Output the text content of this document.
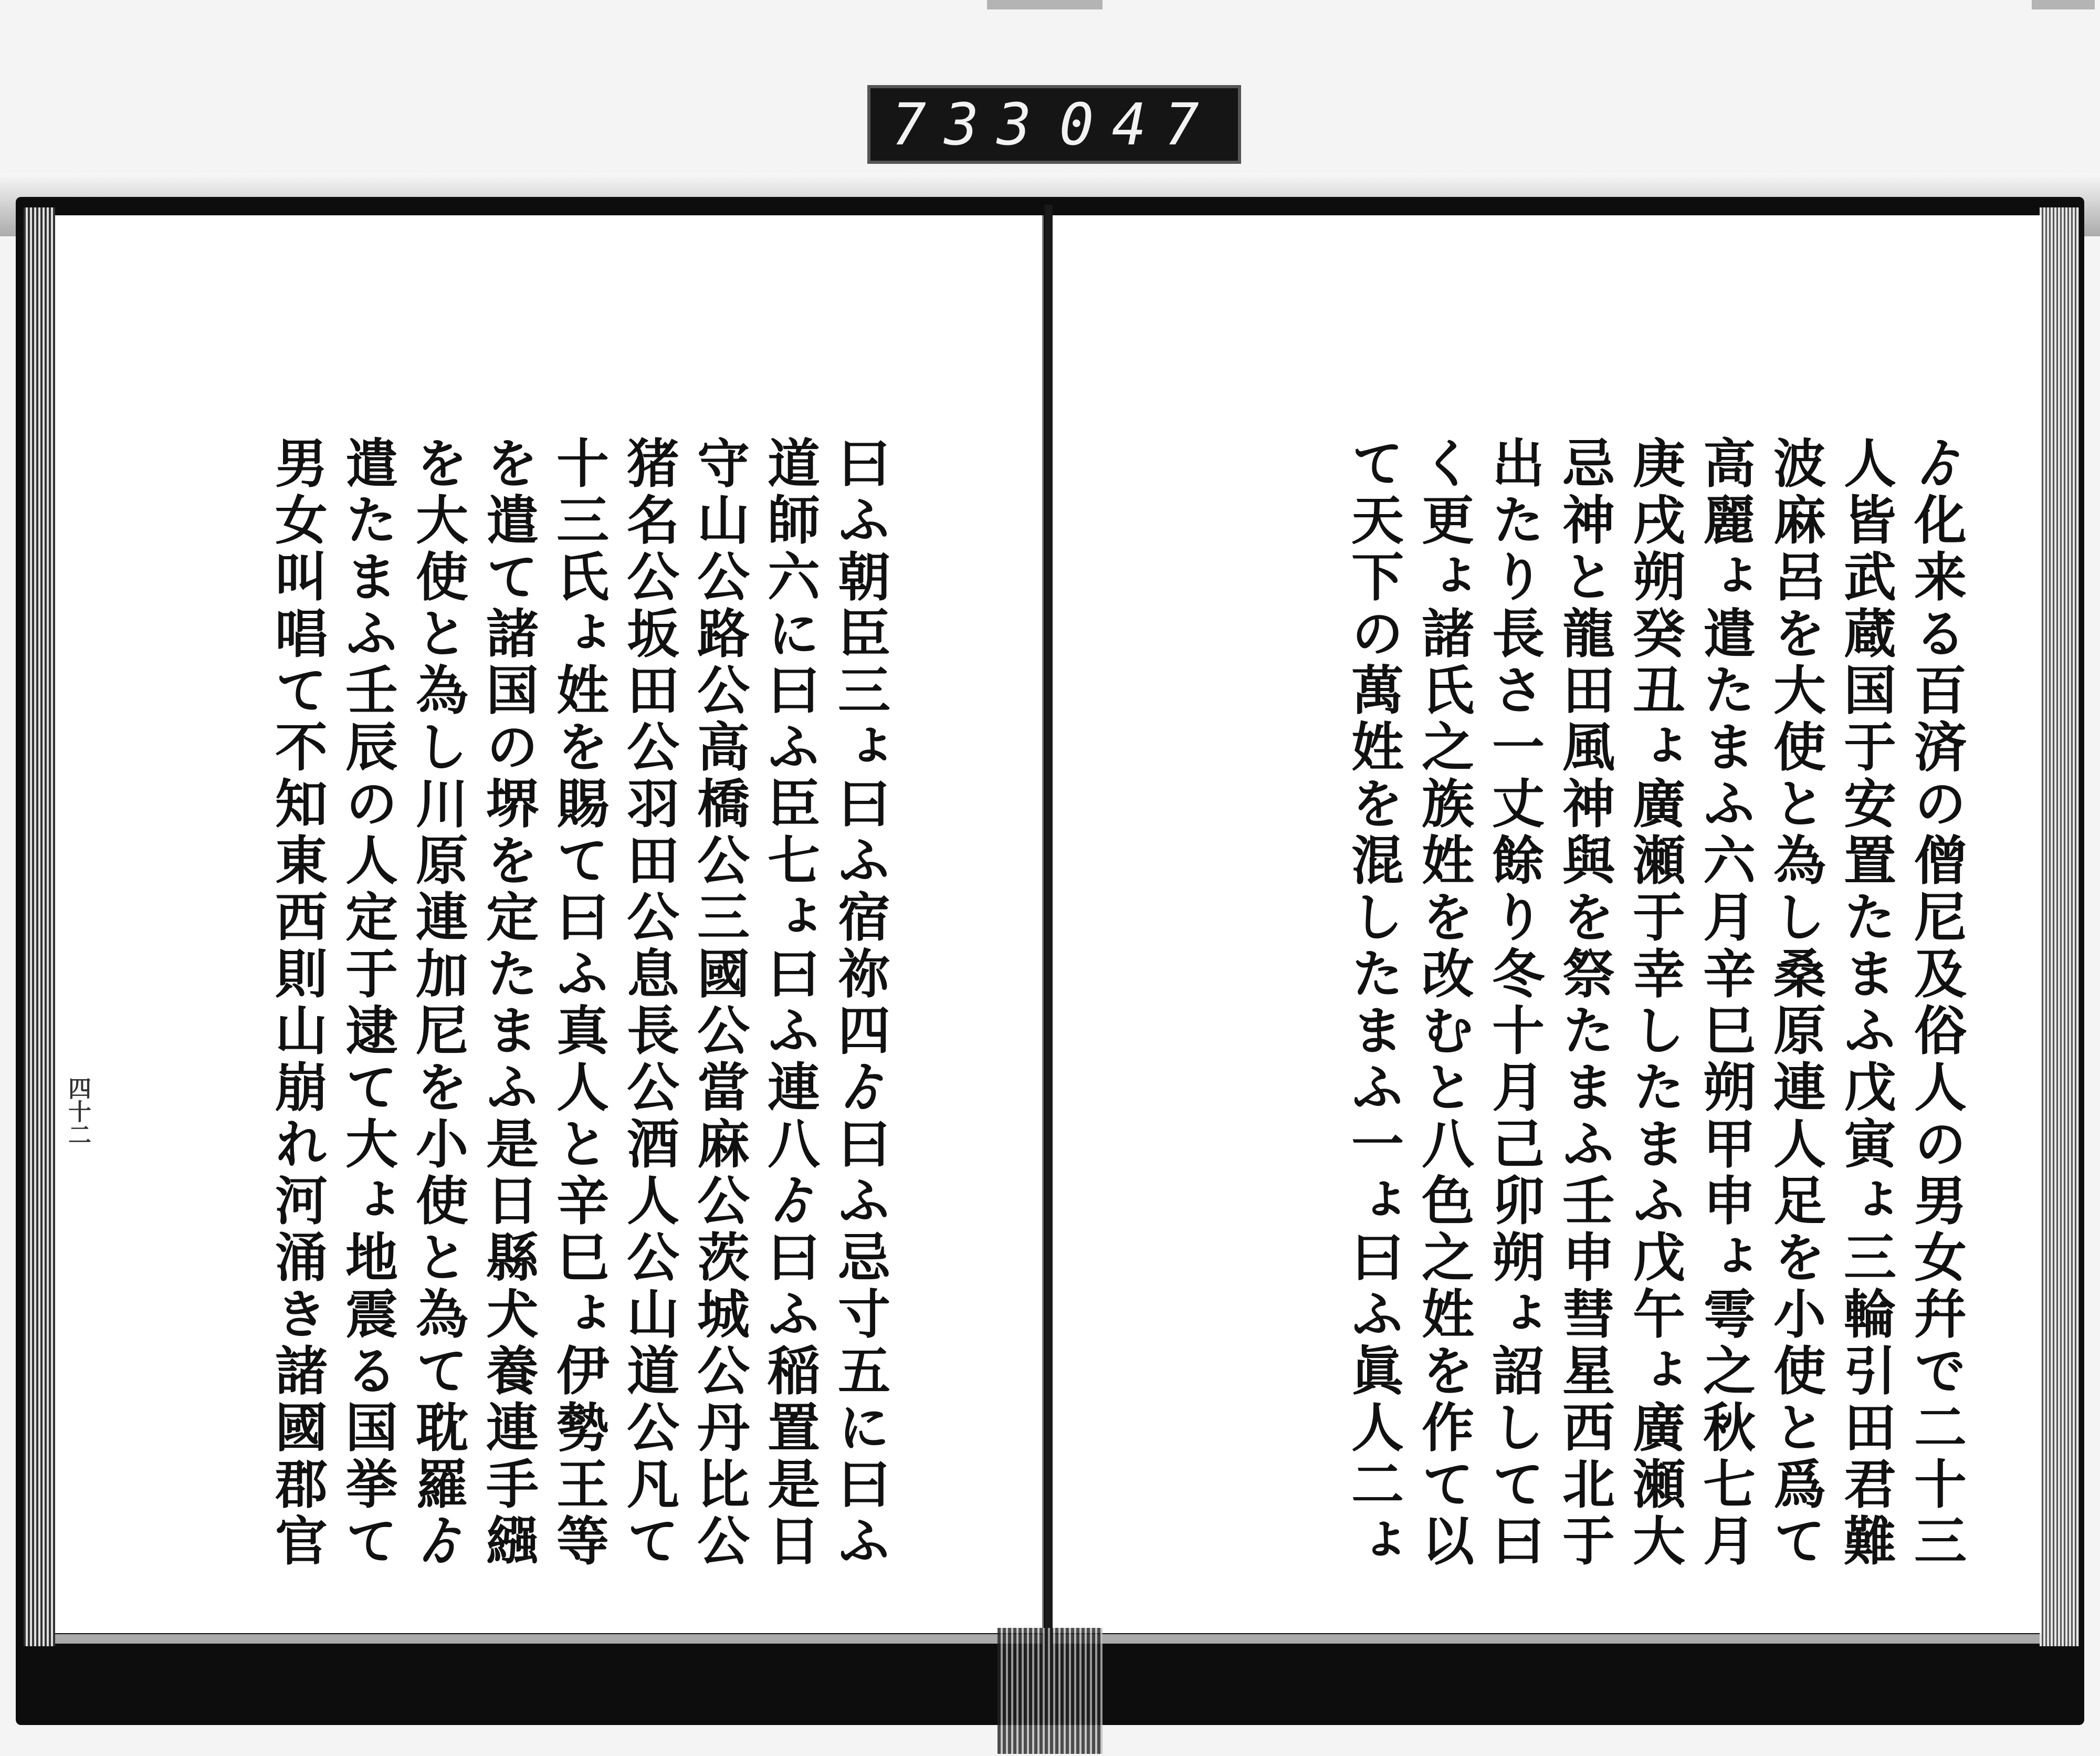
733 047
ゟ化来る百済の僧尼及俗人の男女幷で二十三
人皆武蔵国于安置たまふ戊寅ょ三輪引田君難
波麻呂を大使と為し桑原連人足を小使と爲て
高麗ょ遣たまふ六月辛巳朔甲申ょ雩之秋七月
庚戌朔癸丑ょ廣瀬于幸したまふ戊午ょ廣瀬大
忌神と龍田風神與を祭たまふ壬申彗星西北于
出たり長さ一丈餘り冬十月己卯朔ょ詔して曰
く更ょ諸氏之族姓を改むと八色之姓を作て以
て天下の萬姓を混したまふ一ょ曰ふ眞人二ょ
曰ふ朝臣三ょ曰ふ宿祢四ゟ曰ふ忌寸五に曰ふ
道師六に曰ふ臣七ょ曰ふ連八ゟ曰ふ稲置是日
守山公路公高橋公三國公當麻公茨城公丹比公
猪名公坂田公羽田公息長公酒人公山道公凡て
十三氏ょ姓を賜て曰ふ真人と辛巳ょ伊勢王等
を遣て諸国の堺を定たまふ是日縣犬養連手繦
を大使と為し川原連加尼を小使と為て耽羅ゟ
遣たまふ壬辰の人定于逮て大ょ地震る国挙て
男女叫唱て不知東西則山崩れ河涌き諸國郡官
四十二
